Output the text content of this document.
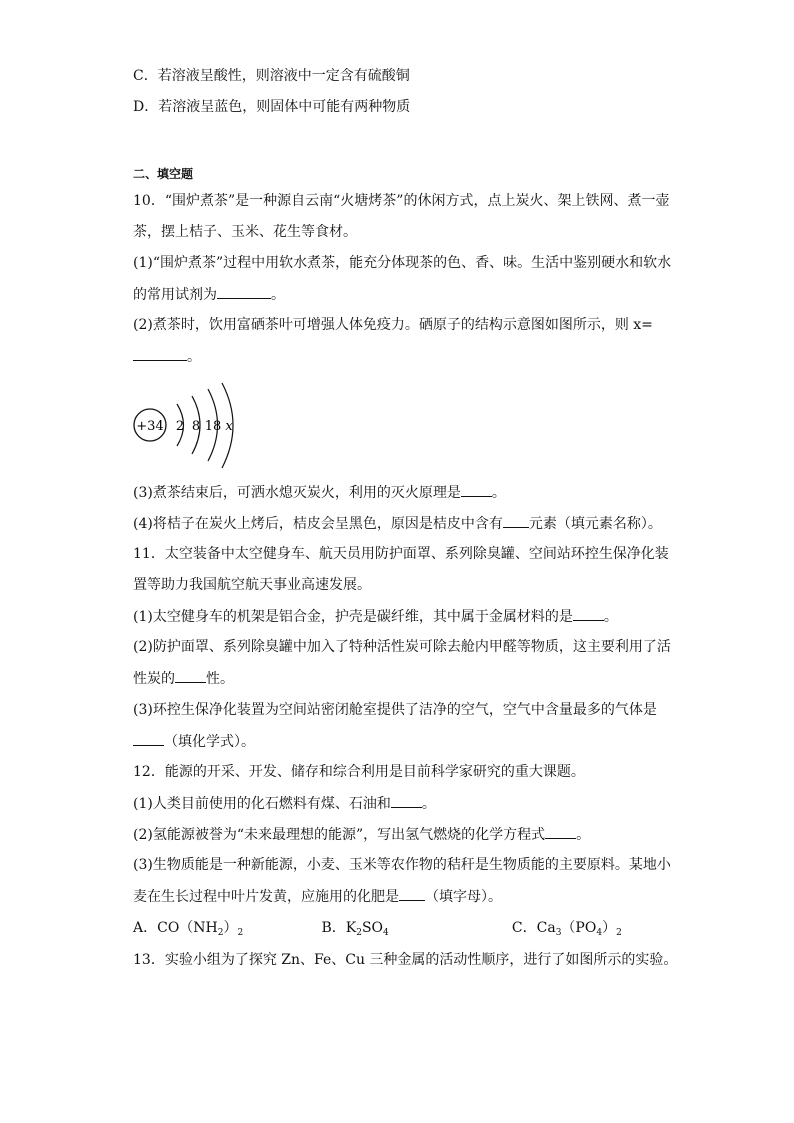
C．若溶液呈酸性，则溶液中一定含有硫酸铜
D．若溶液呈蓝色，则固体中可能有两种物质
二、填空题
10．“围炉煮茶”是一种源自云南“火塘烤茶”的休闲方式，点上炭火、架上铁网、煮一壶
茶，摆上桔子、玉米、花生等食材。
(1)“围炉煮茶”过程中用软水煮茶，能充分体现茶的色、香、味。生活中鉴别硬水和软水
的常用试剂为	。
(2)煮茶时，饮用富硒茶叶可增强人体免疫力。硒原子的结构示意图如图所示，则 x=
。
+34 2 8 18 x
(3)煮茶结束后，可洒水熄灭炭火，利用的灭火原理是 。
(4)将桔子在炭火上烤后，桔皮会呈黑色，原因是桔皮中含有 元素（填元素名称）。
11．太空装备中太空健身车、航天员用防护面罩、系列除臭罐、空间站环控生保净化装
置等助力我国航空航天事业高速发展。
(1)太空健身车的机架是铝合金，护壳是碳纤维，其中属于金属材料的是 。
(2)防护面罩、系列除臭罐中加入了特种活性炭可除去舱内甲醛等物质，这主要利用了活
性炭的 性。
(3)环控生保净化装置为空间站密闭舱室提供了洁净的空气，空气中含量最多的气体是
（填化学式）。
12．能源的开采、开发、储存和综合利用是目前科学家研究的重大课题。
(1)人类目前使用的化石燃料有煤、石油和 。
(2)氢能源被誉为“未来最理想的能源”，写出氢气燃烧的化学方程式 。
(3)生物质能是一种新能源，小麦、玉米等农作物的秸秆是生物质能的主要原料。某地小
麦在生长过程中叶片发黄，应施用的化肥是 （填字母）。
A．$CO(NH_2)_2$	B．$K_2SO_4$	C．$Ca_3(PO_4)_2$
13．实验小组为了探究 Zn、Fe、Cu 三种金属的活动性顺序，进行了如图所示的实验。
